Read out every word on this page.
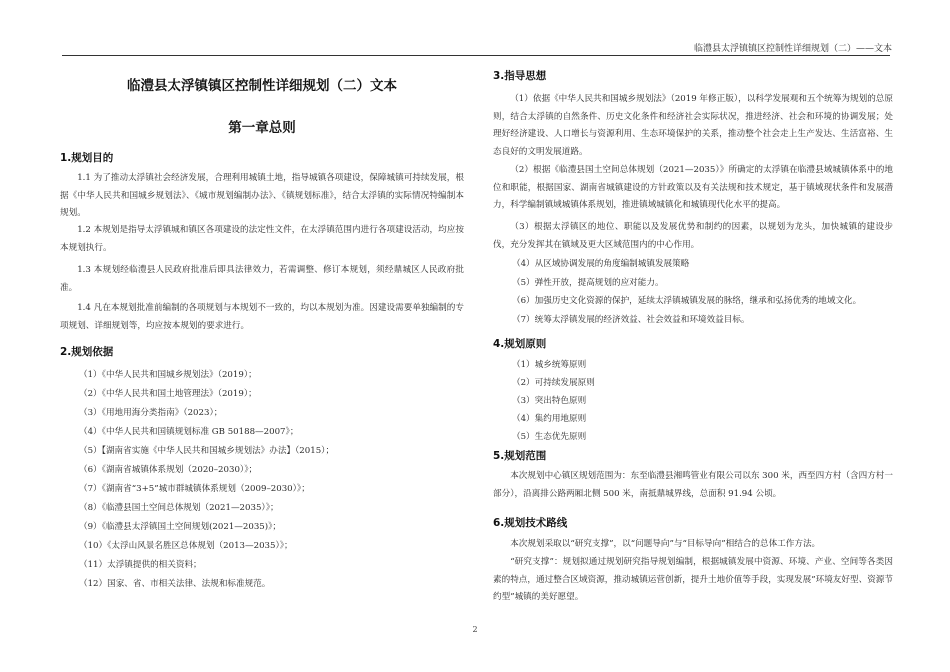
临澧县太浮镇镇区控制性详细规划（二）——文本
临澧县太浮镇镇区控制性详细规划（二）文本
第一章总则
1.规划目的
1.1 为了推动太浮镇社会经济发展，合理利用城镇土地，指导城镇各项建设，保障城镇可持续发展，根据《中华人民共和国城乡规划法》、《城市规划编制办法》、《镇规划标准》，结合太浮镇的实际情况特编制本规划。
1.2 本规划是指导太浮镇城和镇区各项建设的法定性文件，在太浮镇范围内进行各项建设活动，均应按本规划执行。
1.3 本规划经临澧县人民政府批准后即具法律效力，若需调整、修订本规划，须经鼎城区人民政府批准。
1.4 凡在本规划批准前编制的各项规划与本规划不一致的，均以本规划为准。因建设需要单独编制的专项规划、详细规划等，均应按本规划的要求进行。
2.规划依据
（1）《中华人民共和国城乡规划法》（2019）；
（2）《中华人民共和国土地管理法》（2019）；
（3）《用地用海分类指南》（2023）；
（4）《中华人民共和国镇规划标准 GB 50188—2007》；
（5）【湖南省实施《中华人民共和国城乡规划法》办法】（2015）；
（6）《湖南省城镇体系规划（2020–2030）》；
（7）《湖南省“3+5”城市群城镇体系规划（2009–2030）》；
（8）《临澧县国土空间总体规划（2021—2035）》；
（9）《临澧县太浮镇国土空间规划(2021—2035)》；
（10）《太浮山风景名胜区总体规划（2013—2035）》；
（11）太浮镇提供的相关资料；
（12）国家、省、市相关法律、法规和标准规范。
3.指导思想
（1）依据《中华人民共和国城乡规划法》（2019 年修正版），以科学发展观和五个统筹为规划的总原则，结合太浮镇的自然条件、历史文化条件和经济社会实际状况，推进经济、社会和环境的协调发展；处理好经济建设、人口增长与资源利用、生态环境保护的关系，推动整个社会走上生产发达、生活富裕、生态良好的文明发展道路。
（2）根据《临澧县国土空间总体规划（2021—2035）》所确定的太浮镇在临澧县域城镇体系中的地位和职能，根据国家、湖南省城镇建设的方针政策以及有关法规和技术规定，基于镇域现状条件和发展潜力，科学编制镇域城镇体系规划，推进镇域城镇化和城镇现代化水平的提高。
（3）根据太浮镇区的地位、职能以及发展优势和制约的因素，以规划为龙头，加快城镇的建设步伐，充分发挥其在镇域及更大区域范围内的中心作用。
（4）从区域协调发展的角度编制城镇发展策略
（5）弹性开放，提高规划的应对能力。
（6）加强历史文化资源的保护，延续太浮镇城镇发展的脉络，继承和弘扬优秀的地域文化。
（7）统筹太浮镇发展的经济效益、社会效益和环境效益目标。
4.规划原则
（1）城乡统筹原则
（2）可持续发展原则
（3）突出特色原则
（4）集约用地原则
（5）生态优先原则
5.规划范围
本次规划中心镇区规划范围为：东至临澧县湘鸣管业有限公司以东 300 米，西至四方村（含四方村一部分），沿离排公路两厢北侧 500 米，南抵鼎城界线，总面积 91.94 公顷。
6.规划技术路线
本次规划采取以“研究支撑”，以“问题导向”与“目标导向”相结合的总体工作方法。
“研究支撑”：规划拟通过规划研究指导规划编制，根据城镇发展中资源、环境、产业、空间等各类因素的特点，通过整合区域资源，推动城镇运营创新，提升土地价值等手段，实现发展”环境友好型、资源节约型”城镇的美好愿望。
2
